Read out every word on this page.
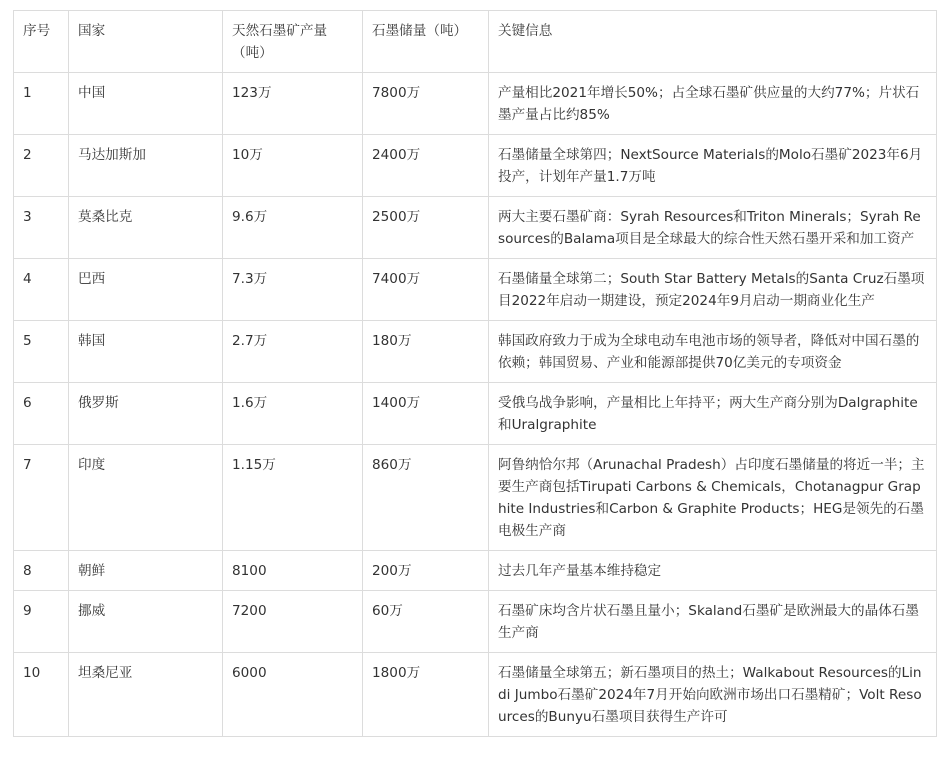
序号	国家	天然石墨矿产量（吨）	石墨储量（吨）	关键信息
1	中国	123万	7800万	产量相比2021年增长50%；占全球石墨矿供应量的大约77%；片状石墨产量占比约85%
2	马达加斯加	10万	2400万	石墨储量全球第四；NextSource Materials的Molo石墨矿2023年6月投产，计划年产量1.7万吨
3	莫桑比克	9.6万	2500万	两大主要石墨矿商：Syrah Resources和Triton Minerals；Syrah Resources的Balama项目是全球最大的综合性天然石墨开采和加工资产
4	巴西	7.3万	7400万	石墨储量全球第二；South Star Battery Metals的Santa Cruz石墨项目2022年启动一期建设，预定2024年9月启动一期商业化生产
5	韩国	2.7万	180万	韩国政府致力于成为全球电动车电池市场的领导者，降低对中国石墨的依赖；韩国贸易、产业和能源部提供70亿美元的专项资金
6	俄罗斯	1.6万	1400万	受俄乌战争影响，产量相比上年持平；两大生产商分别为Dalgraphite和Uralgraphite
7	印度	1.15万	860万	阿鲁纳恰尔邦（Arunachal Pradesh）占印度石墨储量的将近一半；主要生产商包括Tirupati Carbons & Chemicals，Chotanagpur Graphite Industries和Carbon & Graphite Products；HEG是领先的石墨电极生产商
8	朝鲜	8100	200万	过去几年产量基本维持稳定
9	挪威	7200	60万	石墨矿床均含片状石墨且量小；Skaland石墨矿是欧洲最大的晶体石墨生产商
10	坦桑尼亚	6000	1800万	石墨储量全球第五；新石墨项目的热土；Walkabout Resources的Lindi Jumbo石墨矿2024年7月开始向欧洲市场出口石墨精矿；Volt Resources的Bunyu石墨项目获得生产许可
